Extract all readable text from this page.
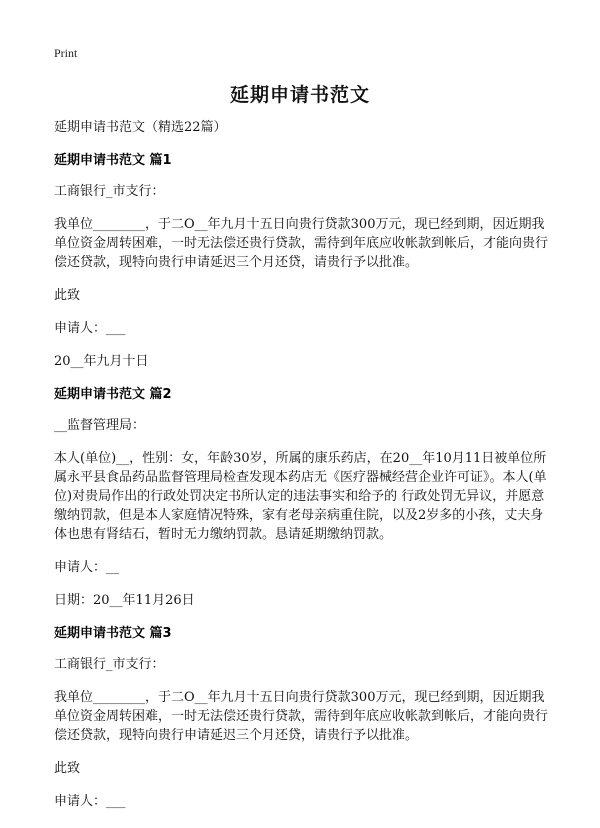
Print
延期申请书范文

延期申请书范文（精选22篇）

延期申请书范文 篇1

工商银行_市支行：

我单位________，于二O__年九月十五日向贵行贷款300万元，现已经到期，因近期我单位资金周转困难，一时无法偿还贵行贷款，需待到年底应收帐款到帐后，才能向贵行偿还贷款，现特向贵行申请延迟三个月还贷，请贵行予以批准。

此致

申请人：___

20__年九月十日

延期申请书范文 篇2

__监督管理局：

本人(单位)__，性别：女，年龄30岁，所属的康乐药店，在20__年10月11日被单位所属永平县食品药品监督管理局检查发现本药店无《医疗器械经营企业许可证》。本人(单位)对贵局作出的行政处罚决定书所认定的违法事实和给予的 行政处罚无异议，并愿意缴纳罚款，但是本人家庭情况特殊，家有老母亲病重住院，以及2岁多的小孩，丈夫身体也患有肾结石，暂时无力缴纳罚款。恳请延期缴纳罚款。

申请人：__

日期：20__年11月26日

延期申请书范文 篇3

工商银行_市支行：

我单位________，于二O__年九月十五日向贵行贷款300万元，现已经到期，因近期我单位资金周转困难，一时无法偿还贵行贷款，需待到年底应收帐款到帐后，才能向贵行偿还贷款，现特向贵行申请延迟三个月还贷，请贵行予以批准。

此致

申请人：___
